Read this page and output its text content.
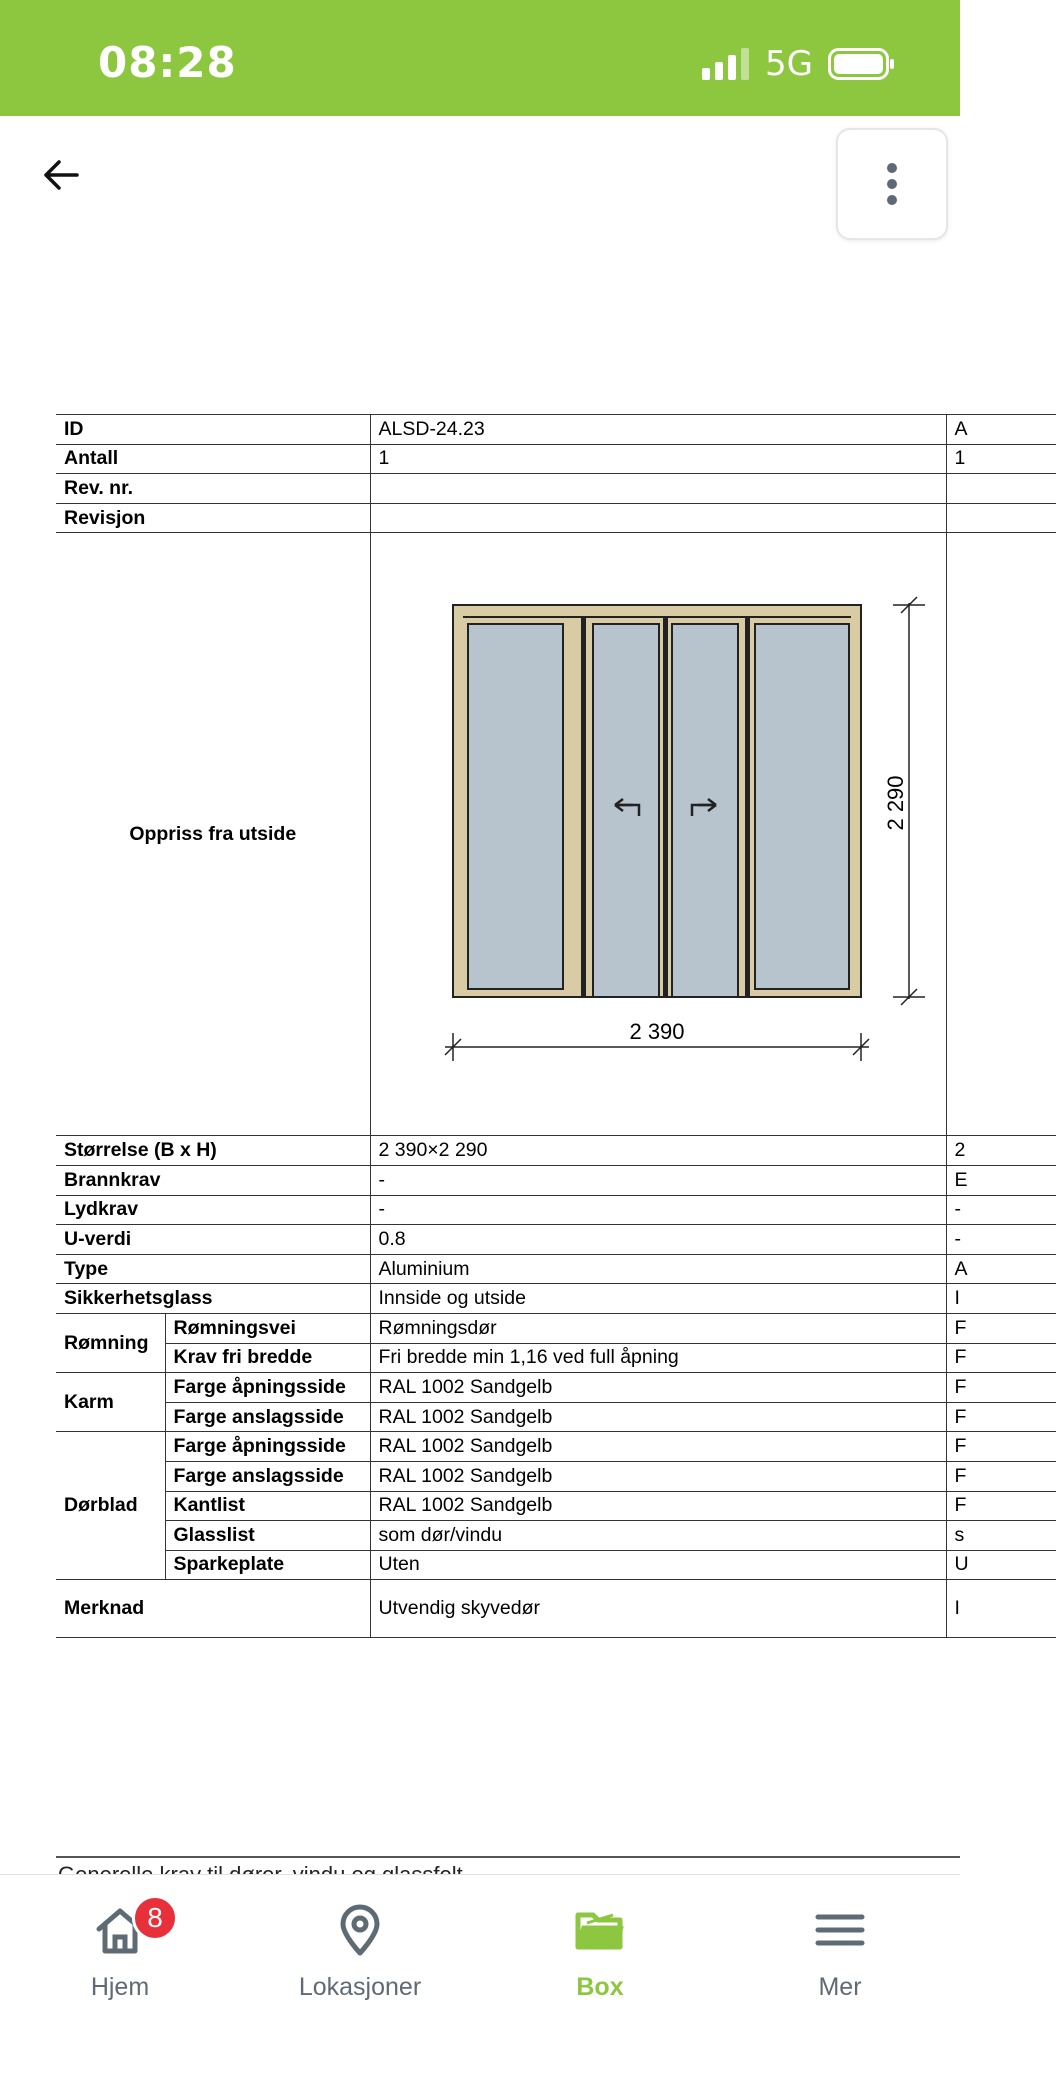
08:28	5G
ID		ALSD-24.23	A
Antall		1	1
Rev. nr.			
Revisjon			
Oppriss fra utside		2 290
2 390	

Størrelse (B x H)		2 390×2 290	2
Brannkrav		-	E
Lydkrav		-	-
U-verdi		0.8	-
Type		Aluminium	A
Sikkerhetsglass		Innside og utside	I
Rømning	Rømningsvei	Rømningsdør	F
	Krav fri bredde	Fri bredde min 1,16 ved full åpning	F
Karm	Farge åpningsside	RAL 1002 Sandgelb	F
	Farge anslagsside	RAL 1002 Sandgelb	F
Dørblad	Farge åpningsside	RAL 1002 Sandgelb	F
	Farge anslagsside	RAL 1002 Sandgelb	F
	Kantlist	RAL 1002 Sandgelb	F
	Glasslist	som dør/vindu	s
	Sparkeplate	Uten	U
Merknad		Utvendig skyvedør	I
8
Hjem	Lokasjoner	Box	Mer
